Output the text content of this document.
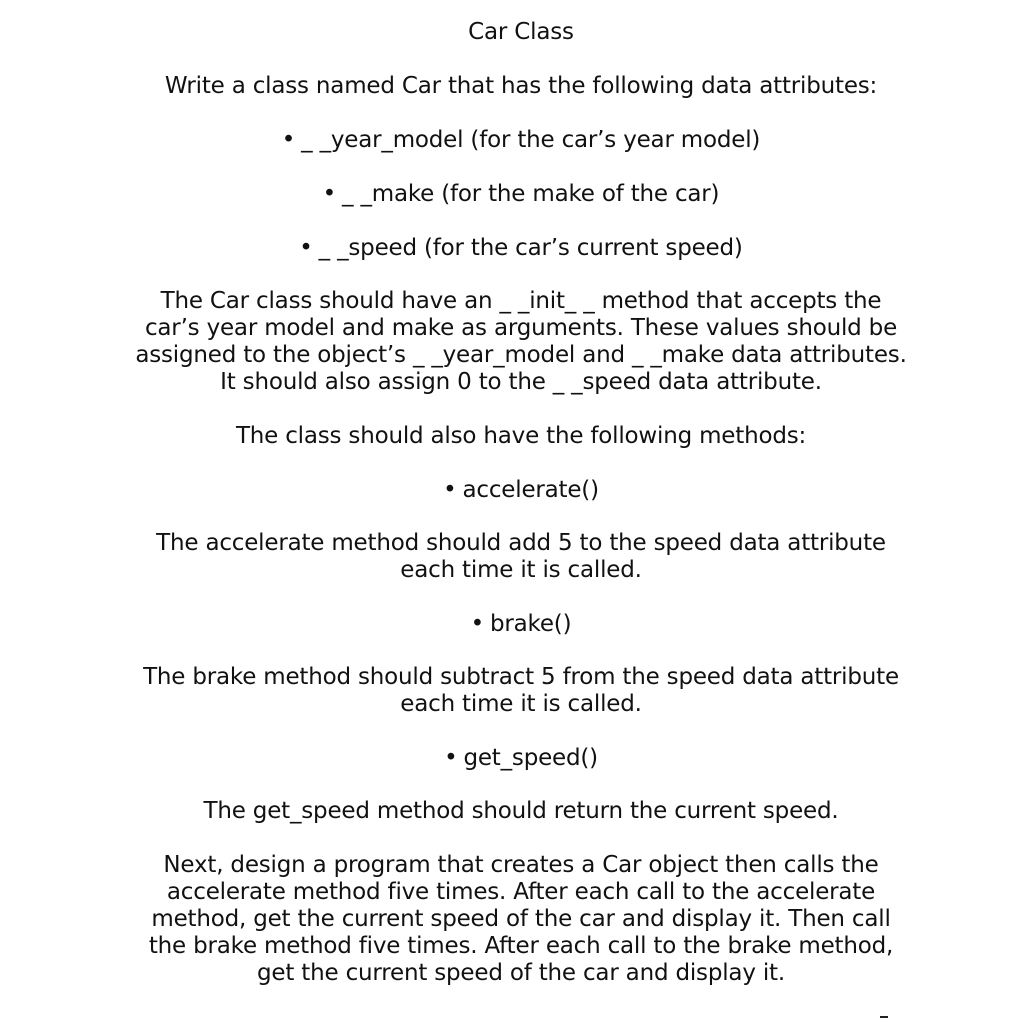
Car Class
Write a class named Car that has the following data attributes:
• _ _year_model (for the car’s year model)
• _ _make (for the make of the car)
• _ _speed (for the car’s current speed)
The Car class should have an _ _init_ _ method that accepts the
car’s year model and make as arguments. These values should be
assigned to the object’s _ _year_model and _ _make data attributes.
It should also assign 0 to the _ _speed data attribute.
The class should also have the following methods:
• accelerate()
The accelerate method should add 5 to the speed data attribute
each time it is called.
• brake()
The brake method should subtract 5 from the speed data attribute
each time it is called.
• get_speed()
The get_speed method should return the current speed.
Next, design a program that creates a Car object then calls the
accelerate method five times. After each call to the accelerate
method, get the current speed of the car and display it. Then call
the brake method five times. After each call to the brake method,
get the current speed of the car and display it.
